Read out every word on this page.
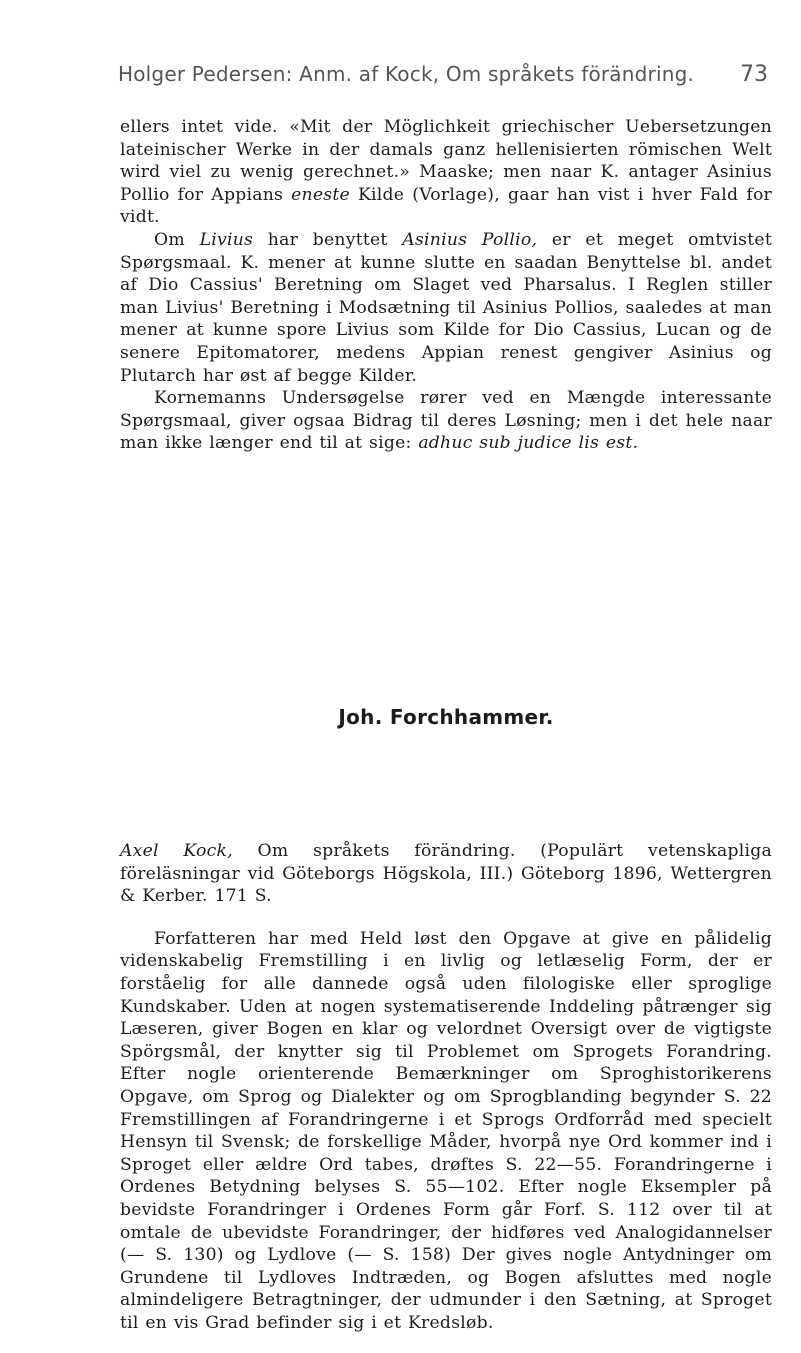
Holger Pedersen: Anm. af Kock, Om språkets förändring. 73

ellers intet vide. «Mit der Möglichkeit griechischer Uebersetzungen lateinischer Werke in der damals ganz hellenisierten römischen Welt wird viel zu wenig gerechnet.» Maaske; men naar K. antager Asinius Pollio for Appians eneste Kilde (Vorlage), gaar han vist i hver Fald for vidt.

Om Livius har benyttet Asinius Pollio, er et meget omtvistet Spørgsmaal. K. mener at kunne slutte en saadan Benyttelse bl. andet af Dio Cassius' Beretning om Slaget ved Pharsalus. I Reglen stiller man Livius' Beretning i Modsætning til Asinius Pollios, saaledes at man mener at kunne spore Livius som Kilde for Dio Cassius, Lucan og de senere Epitomatorer, medens Appian renest gengiver Asinius og Plutarch har øst af begge Kilder.

Kornemanns Undersøgelse rører ved en Mængde interessante Spørgsmaal, giver ogsaa Bidrag til deres Løsning; men i det hele naar man ikke længer end til at sige: adhuc sub judice lis est.

Joh. Forchhammer.

Axel Kock, Om språkets förändring. (Populärt vetenskapliga föreläsningar vid Göteborgs Högskola, III.) Göteborg 1896, Wettergren & Kerber. 171 S.

Forfatteren har med Held løst den Opgave at give en pålidelig videnskabelig Fremstilling i en livlig og letlæselig Form, der er forståelig for alle dannede også uden filologiske eller sproglige Kundskaber. Uden at nogen systematiserende Inddeling påtrænger sig Læseren, giver Bogen en klar og velordnet Oversigt over de vigtigste Spörgsmål, der knytter sig til Problemet om Sprogets Forandring. Efter nogle orienterende Bemærkninger om Sproghistorikerens Opgave, om Sprog og Dialekter og om Sprogblanding begynder S. 22 Fremstillingen af Forandringerne i et Sprogs Ordforråd med specielt Hensyn til Svensk; de forskellige Måder, hvorpå nye Ord kommer ind i Sproget eller ældre Ord tabes, drøftes S. 22—55. Forandringerne i Ordenes Betydning belyses S. 55—102. Efter nogle Eksempler på bevidste Forandringer i Ordenes Form går Forf. S. 112 over til at omtale de ubevidste Forandringer, der hidføres ved Analogidannelser (— S. 130) og Lydlove (— S. 158) Der gives nogle Antydninger om Grundene til Lydloves Indtræden, og Bogen afsluttes med nogle almindeligere Betragtninger, der udmunder i den Sætning, at Sproget til en vis Grad befinder sig i et Kredsløb.
